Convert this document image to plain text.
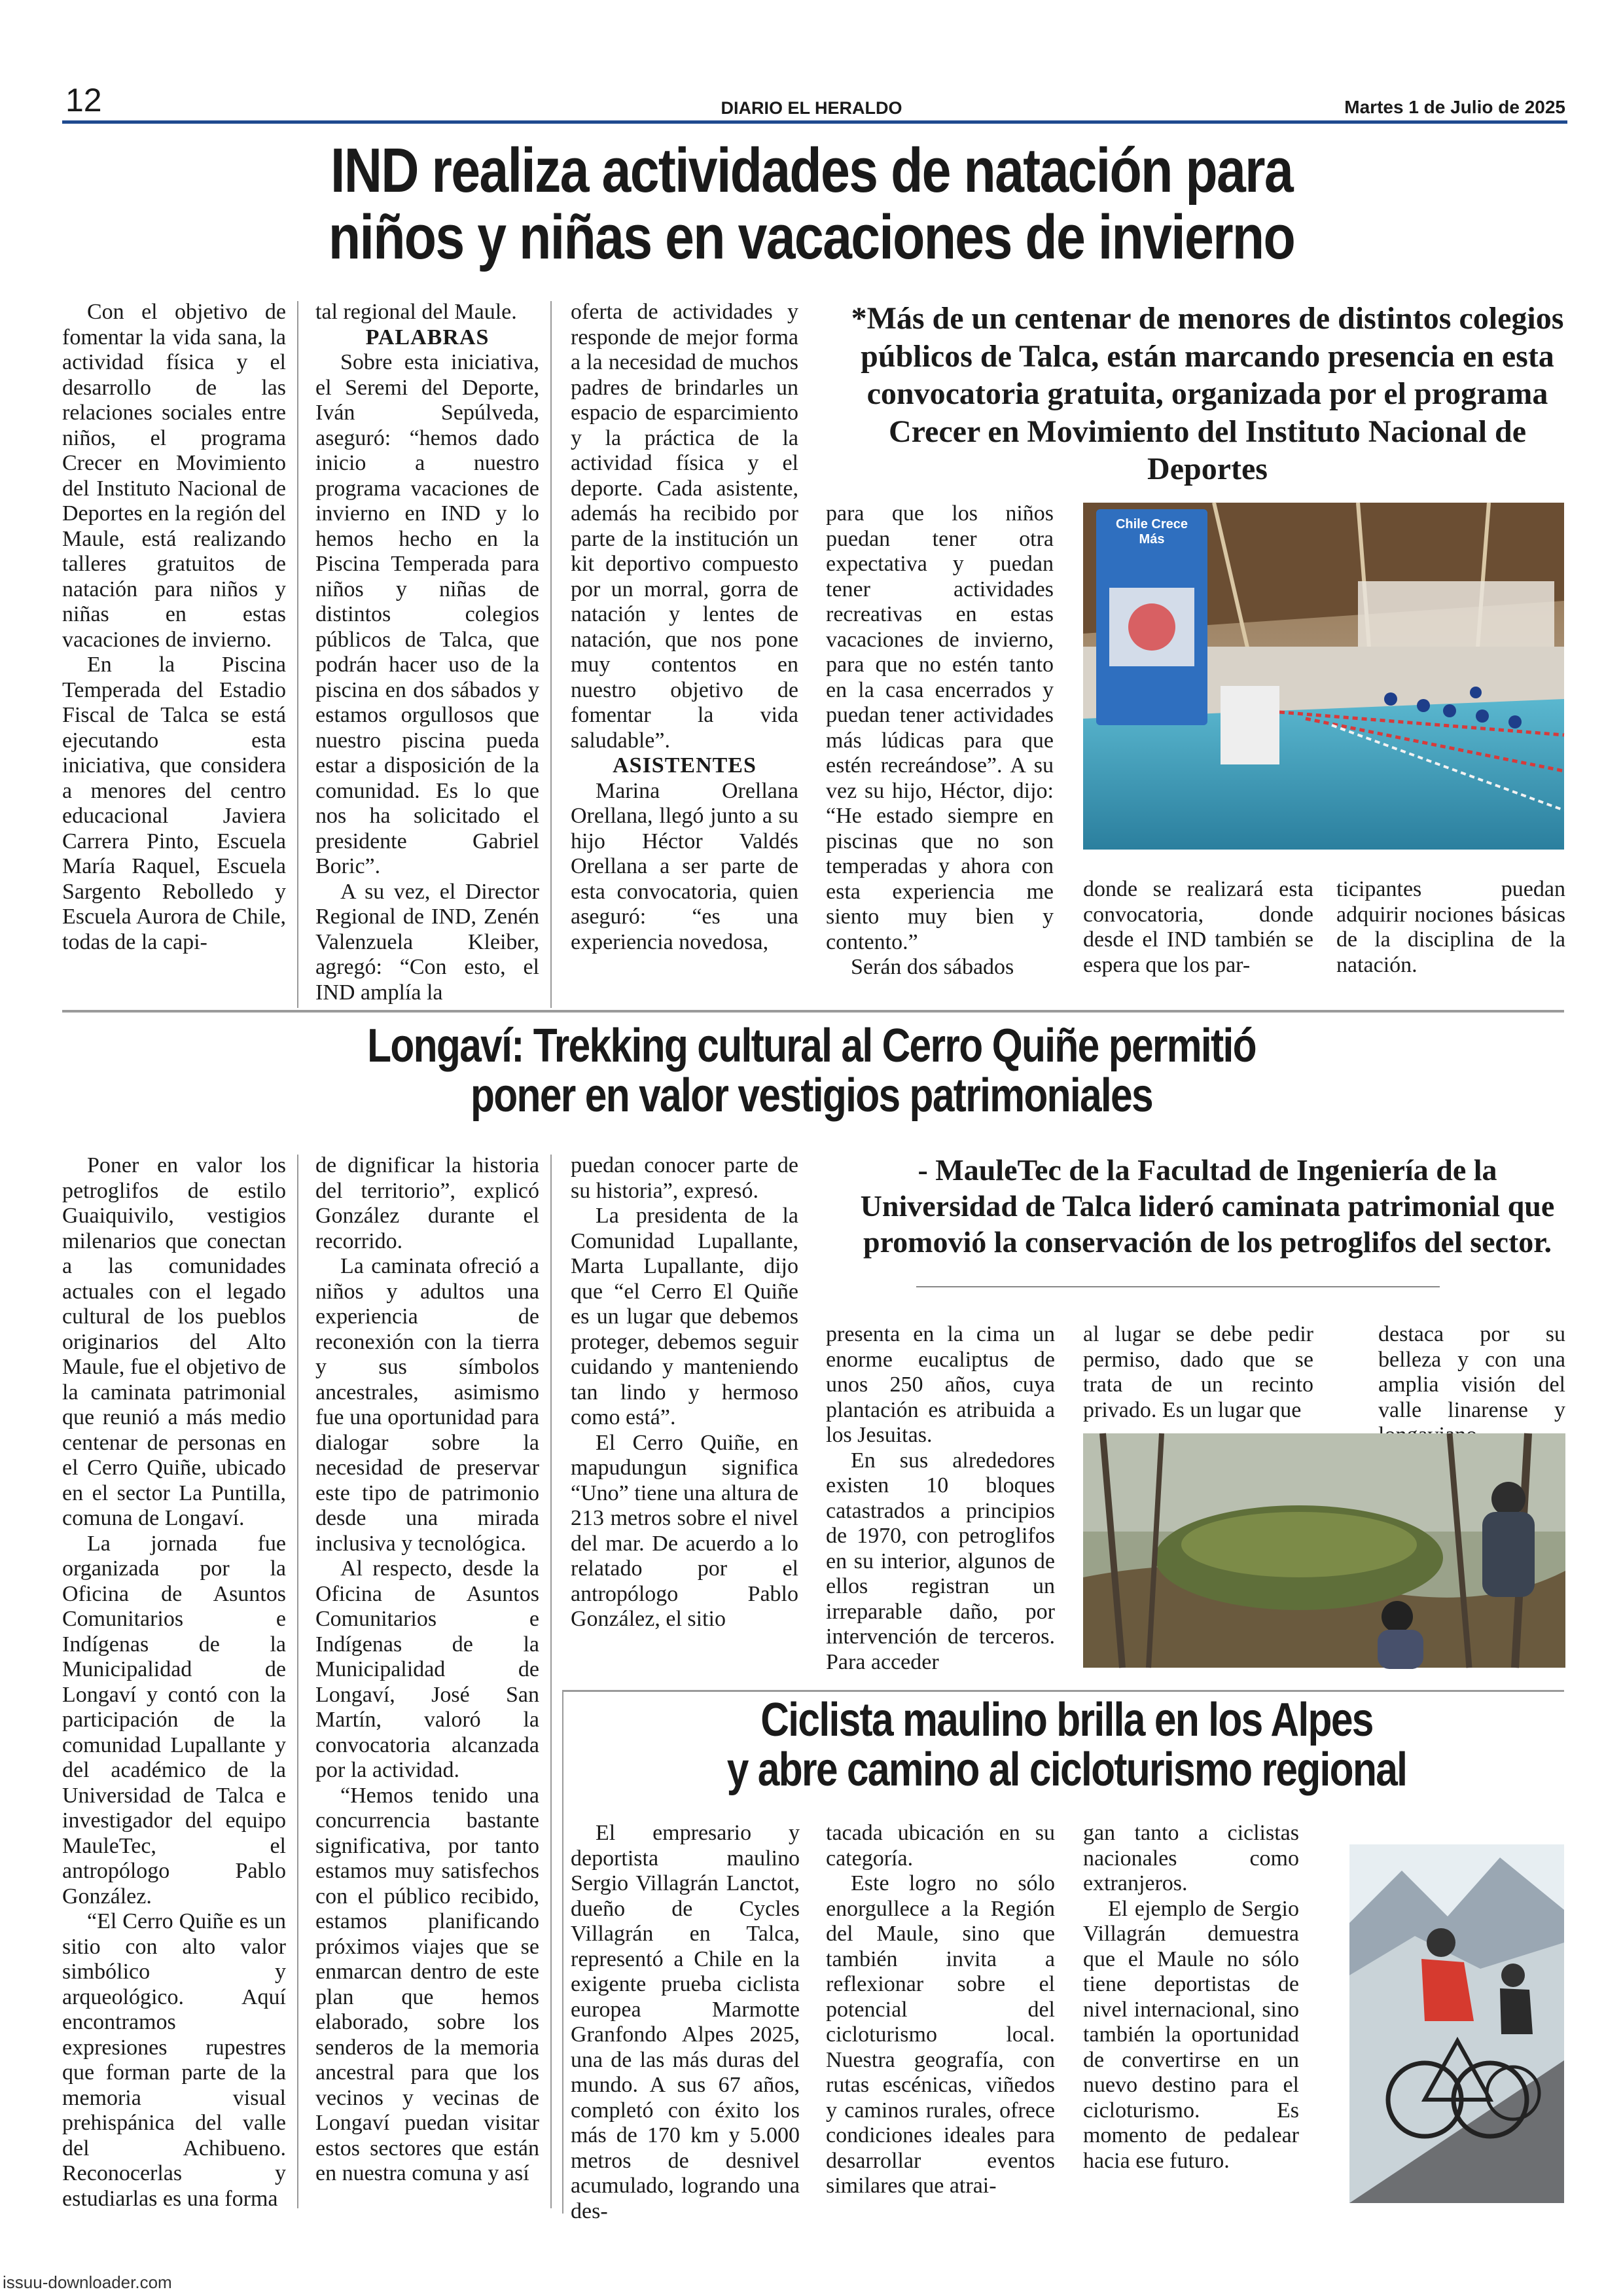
12	DIARIO EL HERALDO	Martes 1 de Julio de 2025
IND realiza actividades de natación para
niños y niñas en vacaciones de invierno

Con el objetivo de fomentar la vida sana, la actividad física y el desarrollo de las relaciones sociales entre niños, el programa Crecer en Movimiento del Instituto Nacional de Deportes en la región del Maule, está realizando talleres gratuitos de natación para niños y niñas en estas vacaciones de invierno.

En la Piscina Temperada del Estadio Fiscal de Talca se está ejecutando esta iniciativa, que considera a menores del centro educacional Javiera Carrera Pinto, Escuela María Raquel, Escuela Sargento Rebolledo y Escuela Aurora de Chile, todas de la capi-

tal regional del Maule.

PALABRAS

Sobre esta iniciativa, el Seremi del Deporte, Iván Sepúlveda, aseguró: “hemos dado inicio a nuestro programa vacaciones de invierno en IND y lo hemos hecho en la Piscina Temperada para niños y niñas de distintos colegios públicos de Talca, que podrán hacer uso de la piscina en dos sábados y estamos orgullosos que nuestro piscina pueda estar a disposición de la comunidad. Es lo que nos ha solicitado el presidente Gabriel Boric”.

A su vez, el Director Regional de IND, Zenén Valenzuela Kleiber, agregó: “Con esto, el IND amplía la

oferta de actividades y responde de mejor forma a la necesidad de muchos padres de brindarles un espacio de esparcimiento y la práctica de la actividad física y el deporte. Cada asistente, además ha recibido por parte de la institución un kit deportivo compuesto por un morral, gorra de natación y lentes de natación, que nos pone muy contentos en nuestro objetivo de fomentar la vida saludable”.

ASISTENTES

Marina Orellana Orellana, llegó junto a su hijo Héctor Valdés Orellana a ser parte de esta convocatoria, quien aseguró: “es una experiencia novedosa,

*Más de un centenar de menores de distintos colegios públicos de Talca, están marcando presencia en esta convocatoria gratuita, organizada por el programa Crecer en Movimiento del Instituto Nacional de Deportes
para que los niños puedan tener otra expectativa y puedan tener actividades recreativas en estas vacaciones de invierno, para que no estén tanto en la casa encerrados y puedan tener actividades más lúdicas para que estén recreándose”. A su vez su hijo, Héctor, dijo: “He estado siempre en piscinas que no son temperadas y ahora con esta experiencia me siento muy bien y contento.”

Serán dos sábados

Chile Crece Más
donde se realizará esta convocatoria, donde desde el IND también se espera que los par-
ticipantes puedan adquirir nociones básicas de la disciplina de la natación.
Longaví: Trekking cultural al Cerro Quiñe permitió
poner en valor vestigios patrimoniales

Poner en valor los petroglifos de estilo Guaiquivilo, vestigios milenarios que conectan a las comunidades actuales con el legado cultural de los pueblos originarios del Alto Maule, fue el objetivo de la caminata patrimonial que reunió a más medio centenar de personas en el Cerro Quiñe, ubicado en el sector La Puntilla, comuna de Longaví.

La jornada fue organizada por la Oficina de Asuntos Comunitarios e Indígenas de la Municipalidad de Longaví y contó con la participación de la comunidad Lupallante y del académico de la Universidad de Talca e investigador del equipo MauleTec, el antropólogo Pablo González.

“El Cerro Quiñe es un sitio con alto valor simbólico y arqueológico. Aquí encontramos expresiones rupestres que forman parte de la memoria visual prehispánica del valle del Achibueno. Reconocerlas y estudiarlas es una forma

de dignificar la historia del territorio”, explicó González durante el recorrido.

La caminata ofreció a niños y adultos una experiencia de reconexión con la tierra y sus símbolos ancestrales, asimismo fue una oportunidad para dialogar sobre la necesidad de preservar este tipo de patrimonio desde una mirada inclusiva y tecnológica.

Al respecto, desde la Oficina de Asuntos Comunitarios e Indígenas de la Municipalidad de Longaví, José San Martín, valoró la convocatoria alcanzada por la actividad.

“Hemos tenido una concurrencia bastante significativa, por tanto estamos muy satisfechos con el público recibido, estamos planificando próximos viajes que se enmarcan dentro de este plan que hemos elaborado, sobre los senderos de la memoria ancestral para que los vecinos y vecinas de Longaví puedan visitar estos sectores que están en nuestra comuna y así

puedan conocer parte de su historia”, expresó.

La presidenta de la Comunidad Lupallante, Marta Lupallante, dijo que “el Cerro El Quiñe es un lugar que debemos proteger, debemos seguir cuidando y manteniendo tan lindo y hermoso como está”.

El Cerro Quiñe, en mapudungun significa “Uno” tiene una altura de 213 metros sobre el nivel del mar. De acuerdo a lo relatado por el antropólogo Pablo González, el sitio

- MauleTec de la Facultad de Ingeniería de la Universidad de Talca lideró caminata patrimonial que promovió la conservación de los petroglifos del sector.
presenta en la cima un enorme eucaliptus de unos 250 años, cuya plantación es atribuida a los Jesuitas.

En sus alrededores existen 10 bloques catastrados a principios de 1970, con petroglifos en su interior, algunos de ellos registran un irreparable daño, por intervención de terceros. Para acceder

al lugar se debe pedir permiso, dado que se trata de un recinto privado. Es un lugar que
destaca por su belleza y con una amplia visión del valle linarense y
Ciclista maulino brilla en los Alpes
y abre camino al cicloturismo regional

El empresario y deportista maulino Sergio Villagrán Lanctot, dueño de Cycles Villagrán en Talca, representó a Chile en la exigente prueba ciclista europea Marmotte Granfondo Alpes 2025, una de las más duras del mundo. A sus 67 años, completó con éxito los más de 170 km y 5.000 metros de desnivel acumulado, logrando una des-

tacada ubicación en su categoría.

Este logro no sólo enorgullece a la Región del Maule, sino que también invita a reflexionar sobre el potencial del cicloturismo local. Nuestra geografía, con rutas escénicas, viñedos y caminos rurales, ofrece condiciones ideales para desarrollar eventos similares que atrai-

gan tanto a ciclistas nacionales como extranjeros.

El ejemplo de Sergio Villagrán demuestra que el Maule no sólo tiene deportistas de nivel internacional, sino también la oportunidad de convertirse en un nuevo destino para el cicloturismo. Es momento de pedalear hacia ese futuro.

issuu-downloader.com
